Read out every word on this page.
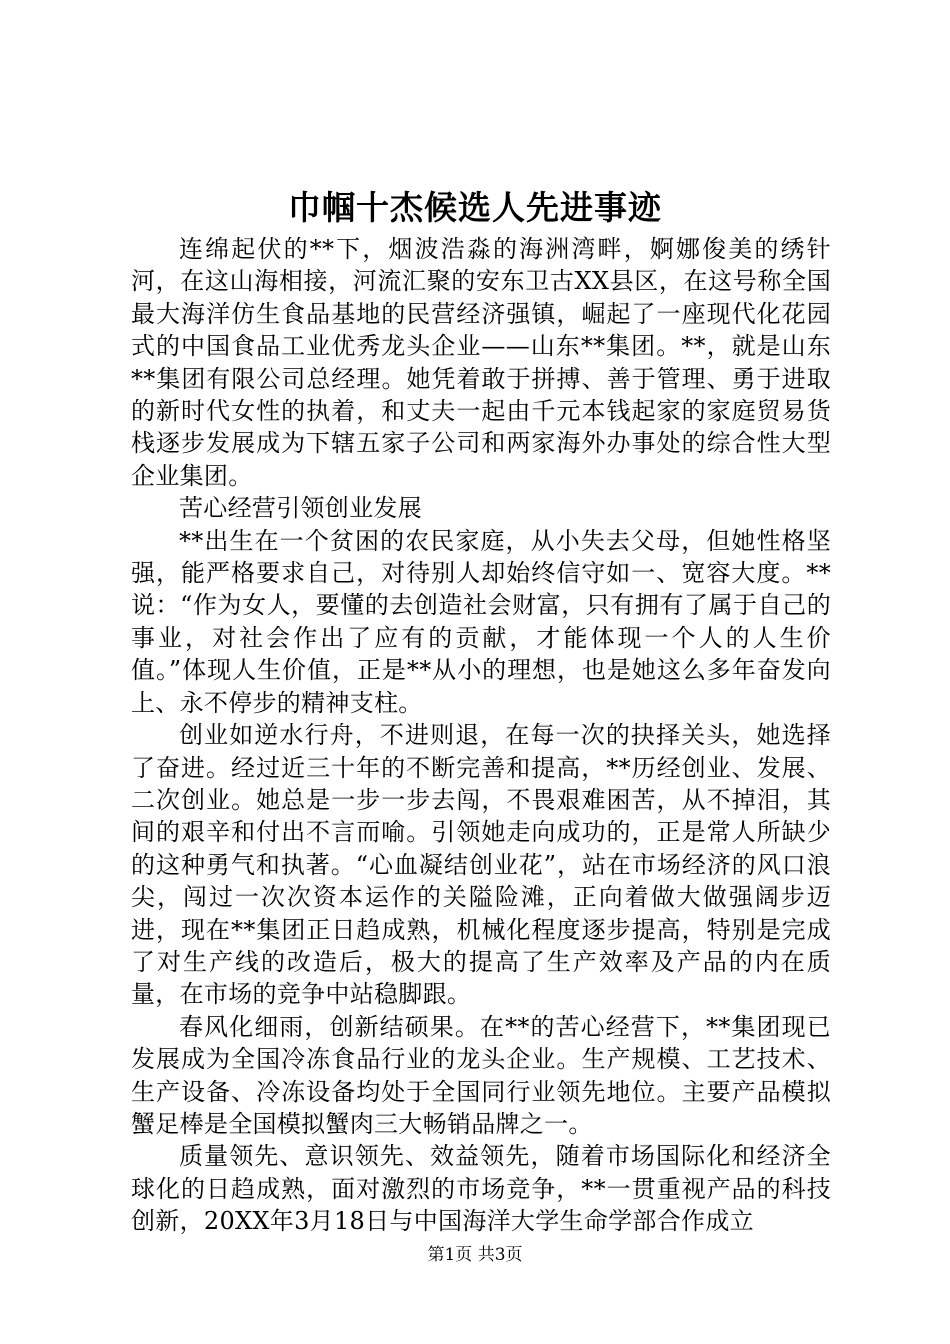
巾帼十杰候选人先进事迹

连绵起伏的**下，烟波浩淼的海洲湾畔，婀娜俊美的绣针河，在这山海相接，河流汇聚的安东卫古XX县区，在这号称全国最大海洋仿生食品基地的民营经济强镇，崛起了一座现代化花园式的中国食品工业优秀龙头企业——山东**集团。**，就是山东**集团有限公司总经理。她凭着敢于拼搏、善于管理、勇于进取的新时代女性的执着，和丈夫一起由千元本钱起家的家庭贸易货栈逐步发展成为下辖五家子公司和两家海外办事处的综合性大型企业集团。

苦心经营引领创业发展

**出生在一个贫困的农民家庭，从小失去父母，但她性格坚强，能严格要求自己，对待别人却始终信守如一、宽容大度。**说：“作为女人，要懂的去创造社会财富，只有拥有了属于自己的事业，对社会作出了应有的贡献，才能体现一个人的人生价值。”体现人生价值，正是**从小的理想，也是她这么多年奋发向上、永不停步的精神支柱。

创业如逆水行舟，不进则退，在每一次的抉择关头，她选择了奋进。经过近三十年的不断完善和提高，**历经创业、发展、二次创业。她总是一步一步去闯，不畏艰难困苦，从不掉泪，其间的艰辛和付出不言而喻。引领她走向成功的，正是常人所缺少的这种勇气和执著。“心血凝结创业花”，站在市场经济的风口浪尖，闯过一次次资本运作的关隘险滩，正向着做大做强阔步迈进，现在**集团正日趋成熟，机械化程度逐步提高，特别是完成了对生产线的改造后，极大的提高了生产效率及产品的内在质量，在市场的竞争中站稳脚跟。

春风化细雨，创新结硕果。在**的苦心经营下，**集团现已发展成为全国冷冻食品行业的龙头企业。生产规模、工艺技术、生产设备、冷冻设备均处于全国同行业领先地位。主要产品模拟蟹足棒是全国模拟蟹肉三大畅销品牌之一。

质量领先、意识领先、效益领先，随着市场国际化和经济全球化的日趋成熟，面对激烈的市场竞争，**一贯重视产品的科技创新，20XX年3月18日与中国海洋大学生命学部合作成立

第1页 共3页
